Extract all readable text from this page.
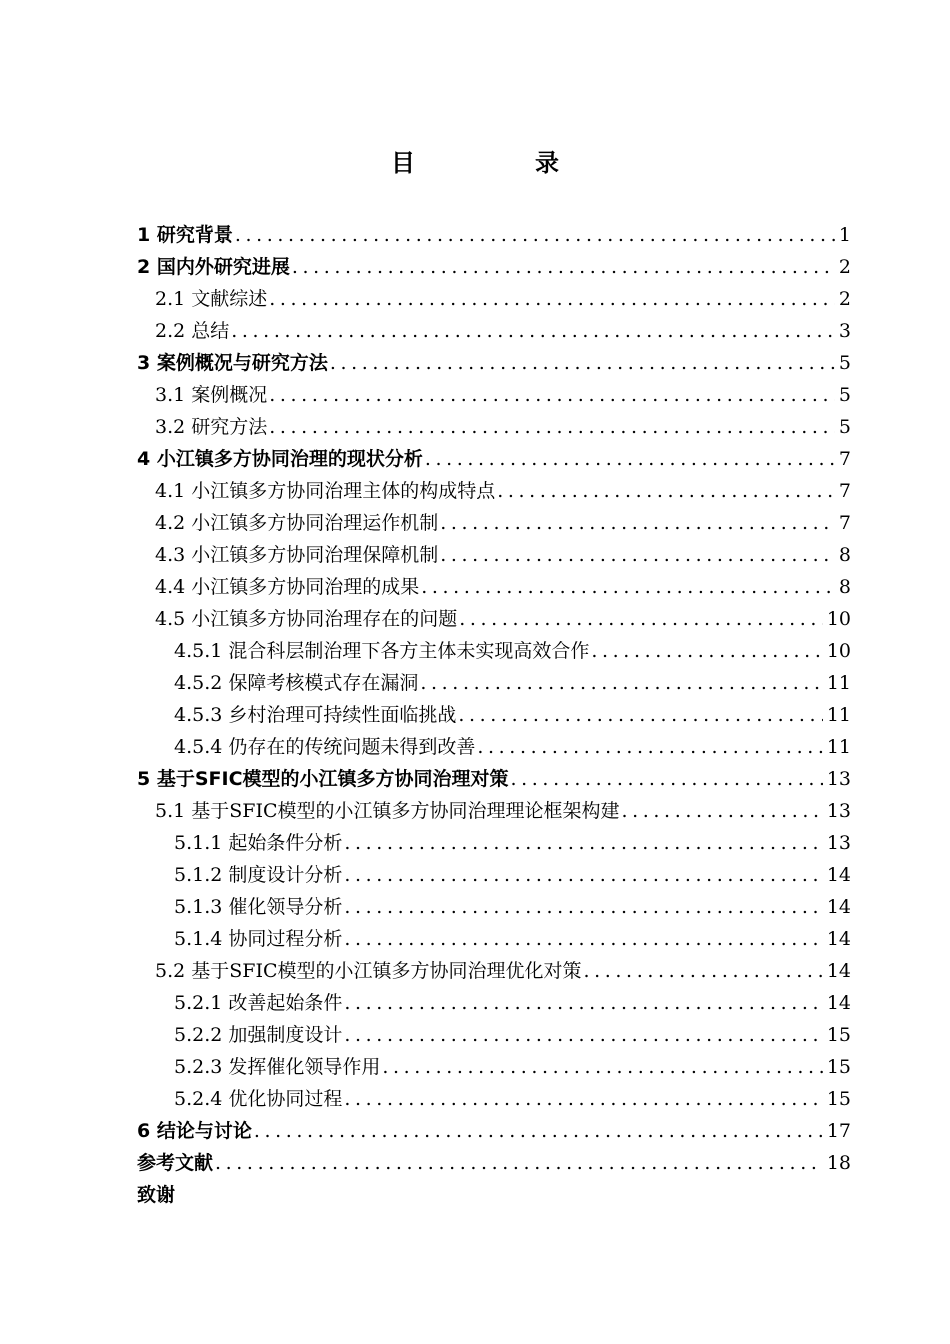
目　录
1 研究背景 .....	1
2 国内外研究进展 .....	2
2.1 文献综述 .....	2
2.2 总结 .....	3
3 案例概况与研究方法 .....	5
3.1 案例概况 .....	5
3.2 研究方法 .....	5
4 小江镇多方协同治理的现状分析 .....	7
4.1 小江镇多方协同治理主体的构成特点 .....	7
4.2 小江镇多方协同治理运作机制 .....	7
4.3 小江镇多方协同治理保障机制 .....	8
4.4 小江镇多方协同治理的成果 .....	8
4.5 小江镇多方协同治理存在的问题 .....	10
4.5.1 混合科层制治理下各方主体未实现高效合作 .....	10
4.5.2 保障考核模式存在漏洞 .....	11
4.5.3 乡村治理可持续性面临挑战 .....	11
4.5.4 仍存在的传统问题未得到改善 .....	11
5 基于SFIC模型的小江镇多方协同治理对策 .....	13
5.1 基于SFIC模型的小江镇多方协同治理理论框架构建 .....	13
5.1.1 起始条件分析 .....	13
5.1.2 制度设计分析 .....	14
5.1.3 催化领导分析 .....	14
5.1.4 协同过程分析 .....	14
5.2 基于SFIC模型的小江镇多方协同治理优化对策 .....	14
5.2.1 改善起始条件 .....	14
5.2.2 加强制度设计 .....	15
5.2.3 发挥催化领导作用 .....	15
5.2.4 优化协同过程 .....	15
6 结论与讨论 .....	17
参考文献 .....	18
致谢
